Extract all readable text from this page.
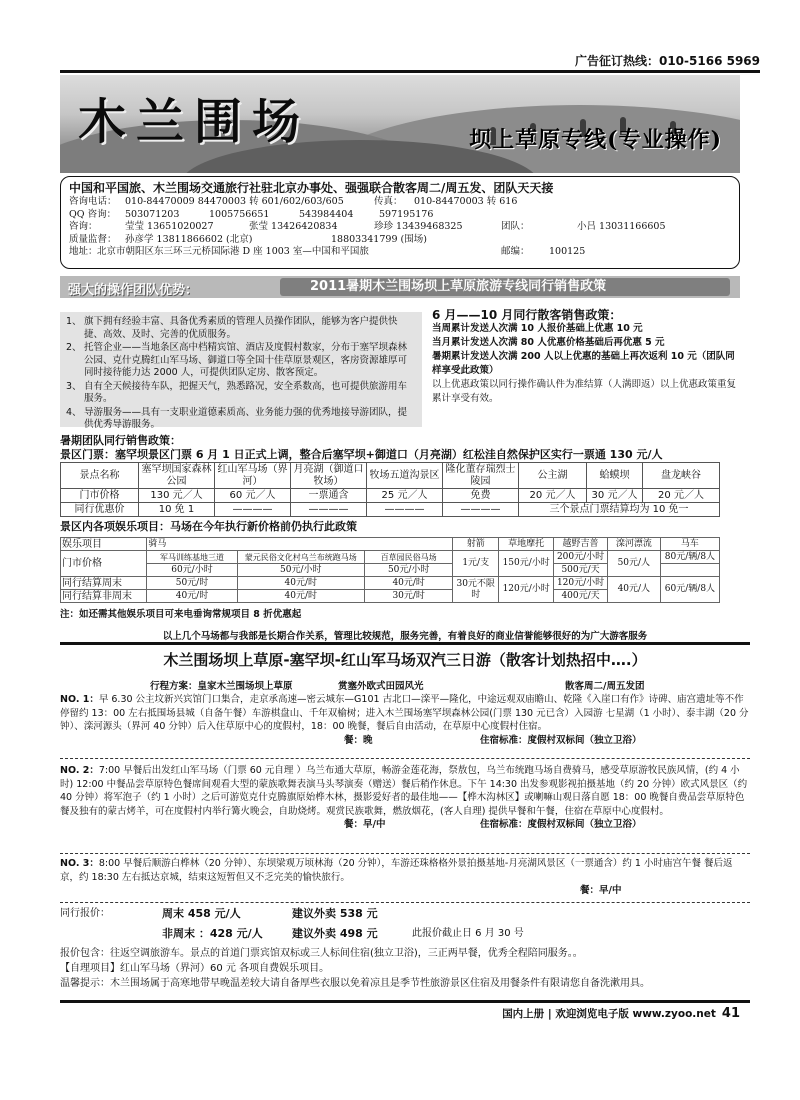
广告征订热线：010-5166 5969
木兰围场	坝上草原专线(专业操作)
中国和平国旅、木兰围场交通旅行社驻北京办事处、强强联合散客周二/周五发、团队天天接
咨询电话： 010-84470009 84470003 转 601/602/603/605	传真： 010-84470003 转 616
QQ 咨询： 503071203	1005756651	543984404	597195176
咨询：	莹莹 13651020027	张莹 13426420834	珍珍 13439468325	团队：	小吕 13031166605
质量监督： 孙彦学 13811866602 (北京)	18803341799 (围场)
地址： 北京市朝阳区东三环三元桥国际港 D 座 1003 室—中国和平国旅	邮编： 100125
强大的操作团队优势：	2011暑期木兰围场坝上草原旅游专线同行销售政策
1、 旗下拥有经验丰富、具备优秀素质的管理人员操作团队，能够为客户提供快捷、高效、及时、完善的优质服务。
2、 托管企业——当地条区高中档精宾馆、酒店及度假村数家，分布于塞罕坝森林公园、克什克腾红山军马场、御道口等全国十佳草原景观区，客房资源雄厚可同时接待能力达 2000 人，可提供团队定房、散客预定。
3、 自有全天候接待车队，把握天气，熟悉路况，安全系数高，也可提供旅游用车服务。
4、 导游服务——具有一支职业道德素质高、业务能力强的优秀地接导游团队，提供优秀导游服务。
6 月——10 月同行散客销售政策：
当周累计发送人次满 10 人报价基础上优惠 10 元
当月累计发送人次满 80 人优惠价格基础后再优惠 5 元
暑期累计发送人次满 200 人以上优惠的基础上再次返利 10 元（团队同样享受此政策）
以上优惠政策以同行操作确认件为准结算（人满即返）以上优惠政策重复累计享受有效。
暑期团队同行销售政策：
景区门票：塞罕坝景区门票 6 月 1 日正式上调，整合后塞罕坝+御道口（月亮湖）红松洼自然保护区实行一票通 130 元/人
景点名称	塞罕坝国家森林公园	红山军马场（界河）	月亮湖（御道口牧场）	牧场五道沟景区	隆化董存瑞烈士陵园	公主湖	蛤蟆坝	盘龙峡谷
门市价格	130 元／人	60 元／人	一票通含	25 元／人	免费	20 元／人	30 元／人	20 元／人
同行优惠价	10 免 1	————	————	————	————	三个景点门票结算均为 10 免一		
景区内各项娱乐项目：马场在今年执行新价格前仍执行此政策
娱乐项目	骑马			射箭	草地摩托	越野吉普	滦河漂流	马车
门市价格	军马训练基地三道	蒙元民俗文化村乌兰布统跑马场	百草园民俗马场	1元/支	150元/小时	200元/小时	50元/人	80元/辆/8人
	60元/小时	50元/小时	50元/小时			500元/天		
同行结算周末	50元/时	40元/时	40元/时	30元不限时	120元/小时	120元/小时	40元/人	60元/辆/8人
同行结算非周末	40元/时	40元/时	30元/时			400元/天		
注：如还需其他娱乐项目可来电垂询常规项目 8 折优惠起
以上几个马场都与我部是长期合作关系，管理比较规范，服务完善，有着良好的商业信誉能够很好的为广大游客服务
木兰围场坝上草原-塞罕坝-红山军马场双汽三日游（散客计划热招中….）
行程方案：皇家木兰围场坝上草原	赏塞外欧式田园风光	散客周二/周五发团

NO. 1：早 6.30 公主坟新兴宾馆门口集合，走京承高速—密云城东—G101 古北口—滦平—隆化，中途远观双庙瞻山、乾隆《入崖口有作》诗碑、庙宫遗址等不作停留约 13：00 左右抵围场县城（自备午餐）车游棋盘山、千年双榆树；进入木兰围场塞罕坝森林公园(门票 130 元已含）入园游 七星湖（1 小时）、泰丰湖（20 分钟）、滦河源头（界河 40 分钟）后入住草原中心的度假村，18：00 晚餐，餐后自由活动，在草原中心度假村住宿。

餐：晚	住宿标准：度假村双标间（独立卫浴）

NO. 2：7:00 早餐后出发红山军马场（门票 60 元自理 ）乌兰布通大草原，畅游金莲花海，祭敖包，乌兰布统跑马场自费骑马，感受草原游牧民族风情，(约 4 小时) 12:00 中餐品尝草原特色餐席间观看大型的蒙族歌舞表演马头琴演奏（赠送）餐后稍作休息。下午 14:30 出发参观影视拍摄基地（约 20 分钟）欧式风景区（约 40 分钟）将军泡子（约 1 小时）之后可游览克什克腾旗原始桦木林，摄影爱好者的最佳地——【桦木沟林区】或喇嘛山观日落自愿 18：00 晚餐自费品尝草原特色餐及独有的蒙古烤羊，可在度假村内举行篝火晚会，自助烧烤。观赏民族歌舞，燃放烟花，(客人自理) 提供早餐和午餐，住宿在草原中心度假村。

餐：早/中	住宿标准：度假村双标间（独立卫浴）

NO. 3：8:00 早餐后顺游白桦林（20 分钟）、东坝梁观万顷林海（20 分钟），车游还珠格格外景拍摄基地-月亮湖风景区（一票通含）约 1 小时庙宫午餐 餐后返京，约 18:30 左右抵达京城，结束这短暂但又不乏完美的愉快旅行。

餐：早/中
同行报价：	周末 458 元/人	建议外卖 538 元
非周末 ：428 元/人	建议外卖 498 元	此报价截止日 6 月 30 号
报价包含：往返空调旅游车。景点的首道门票宾馆双标或三人标间住宿(独立卫浴)，三正两早餐，优秀全程陪同服务。。
【自理项目】红山军马场（界河）60 元 各项自费娱乐项目。
温馨提示：木兰围场属于高寒地带早晚温差较大请自备厚些衣服以免着凉且是季节性旅游景区住宿及用餐条件有限请您自备洗漱用具。
国内上册 | 欢迎浏览电子版 www.zyoo.net 41
